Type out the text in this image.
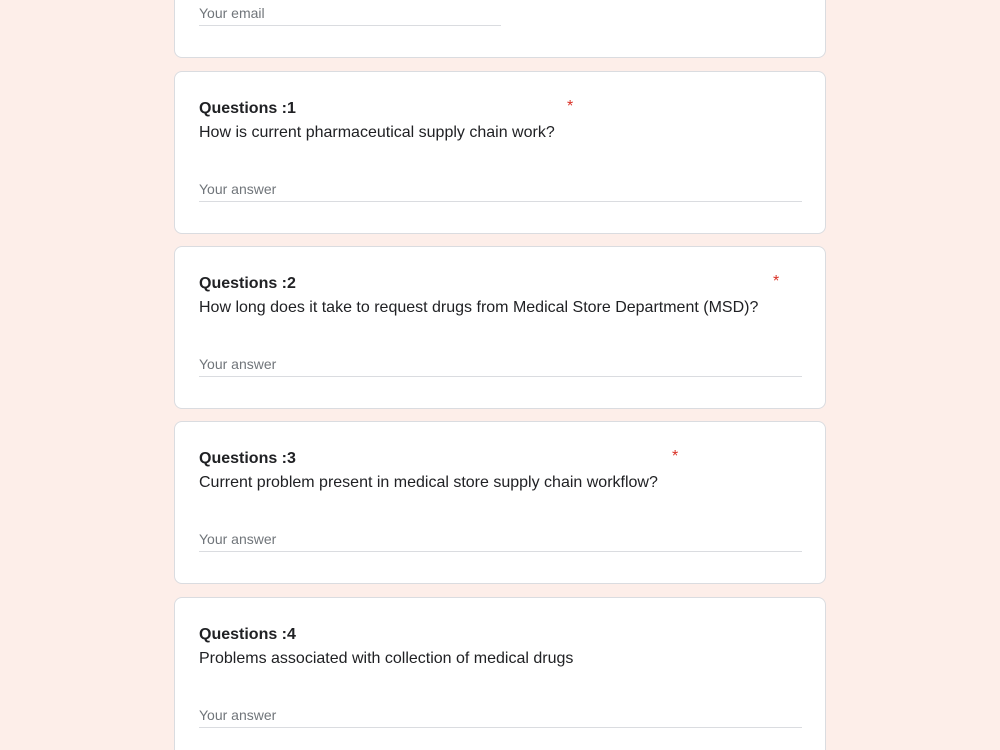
Your email
Questions :1	*
How is current pharmaceutical supply chain work?
Your answer
Questions :2	*
How long does it take to request drugs from Medical Store Department (MSD)?
Your answer
Questions :3	*
Current problem present in medical store supply chain workflow?
Your answer
Questions :4
Problems associated with collection of medical drugs
Your answer
